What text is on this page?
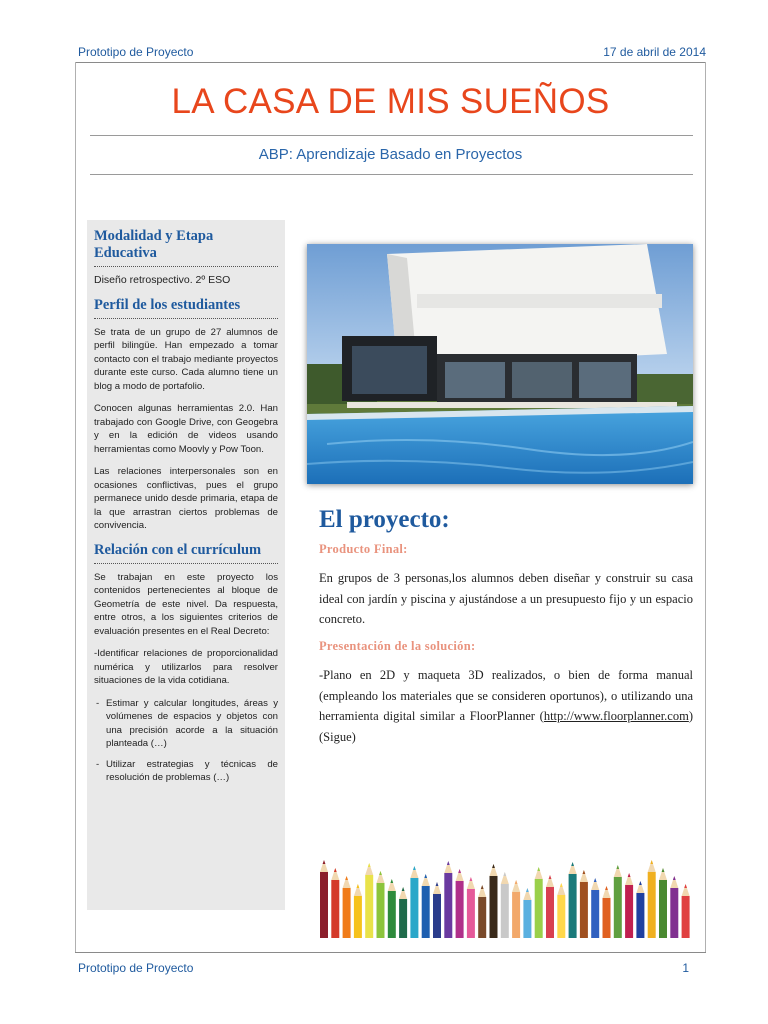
Prototipo de Proyecto	17 de abril de 2014
LA CASA DE MIS SUEÑOS
ABP: Aprendizaje Basado en Proyectos
Modalidad y Etapa Educativa

Diseño retrospectivo. 2º ESO

Perfil de los estudiantes

Se trata de un grupo de 27 alumnos de perfil bilingüe. Han empezado a tomar contacto con el trabajo mediante proyectos durante este curso. Cada alumno tiene un blog a modo de portafolio.

Conocen algunas herramientas 2.0. Han trabajado con Google Drive, con Geogebra y en la edición de videos usando herramientas como Moovly y Pow Toon.

Las relaciones interpersonales son en ocasiones conflictivas, pues el grupo permanece unido desde primaria, etapa de la que arrastran ciertos problemas de convivencia.

Relación con el currículum

Se trabajan en este proyecto los contenidos pertenecientes al bloque de Geometría de este nivel. Da respuesta, entre otros, a los siguientes criterios de evaluación presentes en el Real Decreto:

-Identificar relaciones de proporcionalidad numérica y utilizarlos para resolver situaciones de la vida cotidiana.

- Estimar y calcular longitudes, áreas y volúmenes de espacios y objetos con una precisión acorde a la situación planteada (…)
- Utilizar estrategias y técnicas de resolución de problemas (…)
El proyecto:
Producto Final:

En grupos de 3 personas,los alumnos deben diseñar y construir su casa ideal con jardín y piscina y ajustándose a un presupuesto fijo y un espacio concreto.

Presentación de la solución:

-Plano en 2D y maqueta 3D realizados, o bien de forma manual (empleando los materiales que se consideren oportunos), o utilizando una herramienta digital similar a FloorPlanner (http://www.floorplanner.com) (Sigue)

Prototipo de Proyecto	1
